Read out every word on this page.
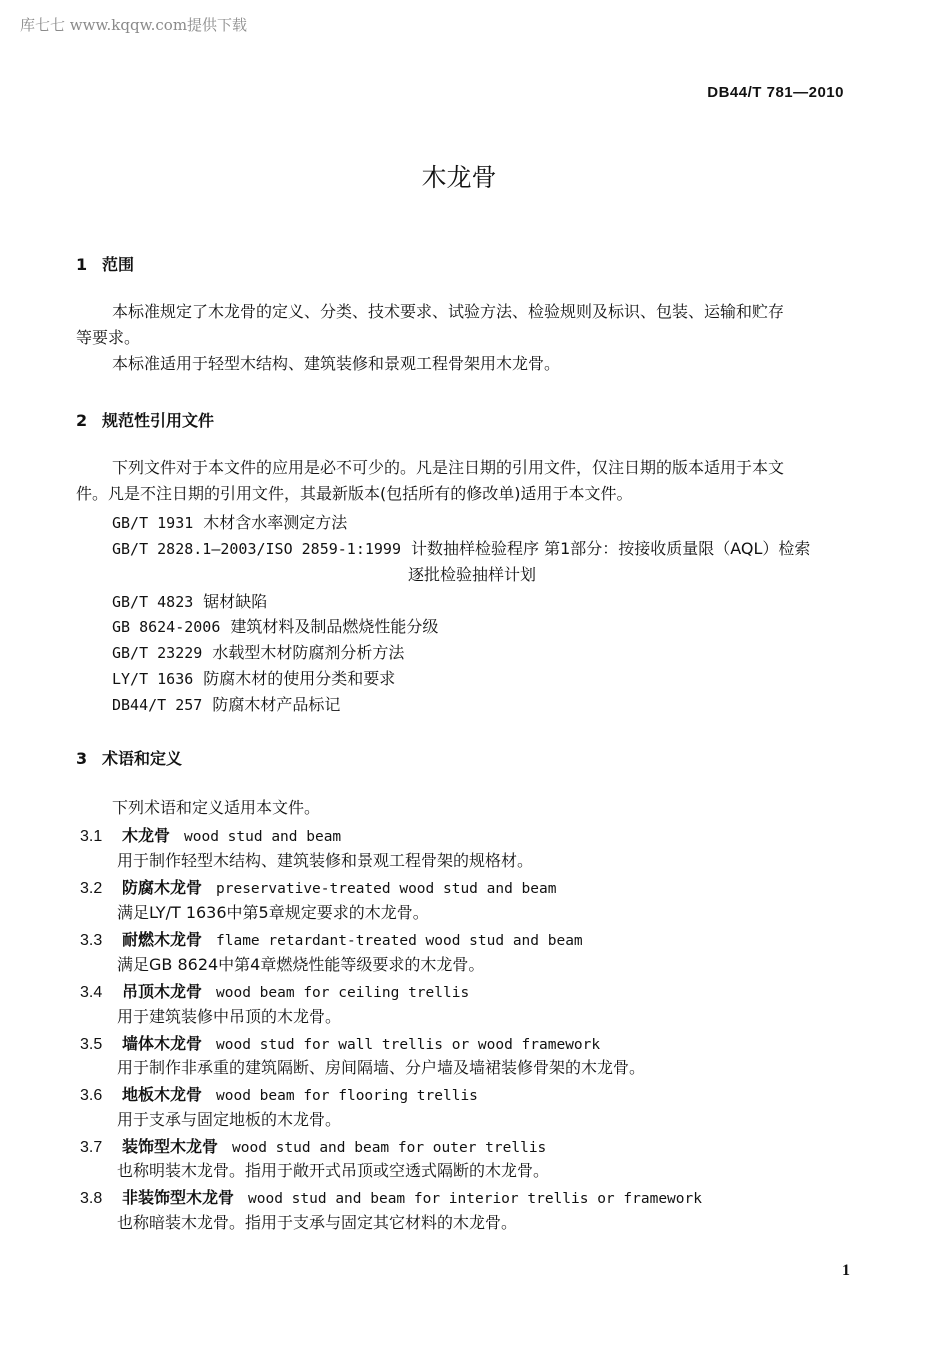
库七七 www.kqqw.com提供下载
DB44/T 781—2010
木龙骨
1 范围
本标准规定了木龙骨的定义、分类、技术要求、试验方法、检验规则及标识、包装、运输和贮存
等要求。
本标准适用于轻型木结构、建筑装修和景观工程骨架用木龙骨。
2 规范性引用文件
下列文件对于本文件的应用是必不可少的。凡是注日期的引用文件，仅注日期的版本适用于本文
件。凡是不注日期的引用文件，其最新版本(包括所有的修改单)适用于本文件。
GB/T 1931 木材含水率测定方法
GB/T 2828.1—2003/ISO 2859-1:1999 计数抽样检验程序 第1部分：按接收质量限（AQL）检索
逐批检验抽样计划
GB/T 4823 锯材缺陷
GB 8624-2006 建筑材料及制品燃烧性能分级
GB/T 23229 水载型木材防腐剂分析方法
LY/T 1636 防腐木材的使用分类和要求
DB44/T 257 防腐木材产品标记
3 术语和定义
下列术语和定义适用本文件。
3.1 木龙骨 wood stud and beam
用于制作轻型木结构、建筑装修和景观工程骨架的规格材。
3.2 防腐木龙骨 preservative-treated wood stud and beam
满足LY/T 1636中第5章规定要求的木龙骨。
3.3 耐燃木龙骨 flame retardant-treated wood stud and beam
满足GB 8624中第4章燃烧性能等级要求的木龙骨。
3.4 吊顶木龙骨 wood beam for ceiling trellis
用于建筑装修中吊顶的木龙骨。
3.5 墙体木龙骨 wood stud for wall trellis or wood framework
用于制作非承重的建筑隔断、房间隔墙、分户墙及墙裙装修骨架的木龙骨。
3.6 地板木龙骨 wood beam for flooring trellis
用于支承与固定地板的木龙骨。
3.7 装饰型木龙骨 wood stud and beam for outer trellis
也称明装木龙骨。指用于敞开式吊顶或空透式隔断的木龙骨。
3.8 非装饰型木龙骨 wood stud and beam for interior trellis or framework
也称暗装木龙骨。指用于支承与固定其它材料的木龙骨。
1
